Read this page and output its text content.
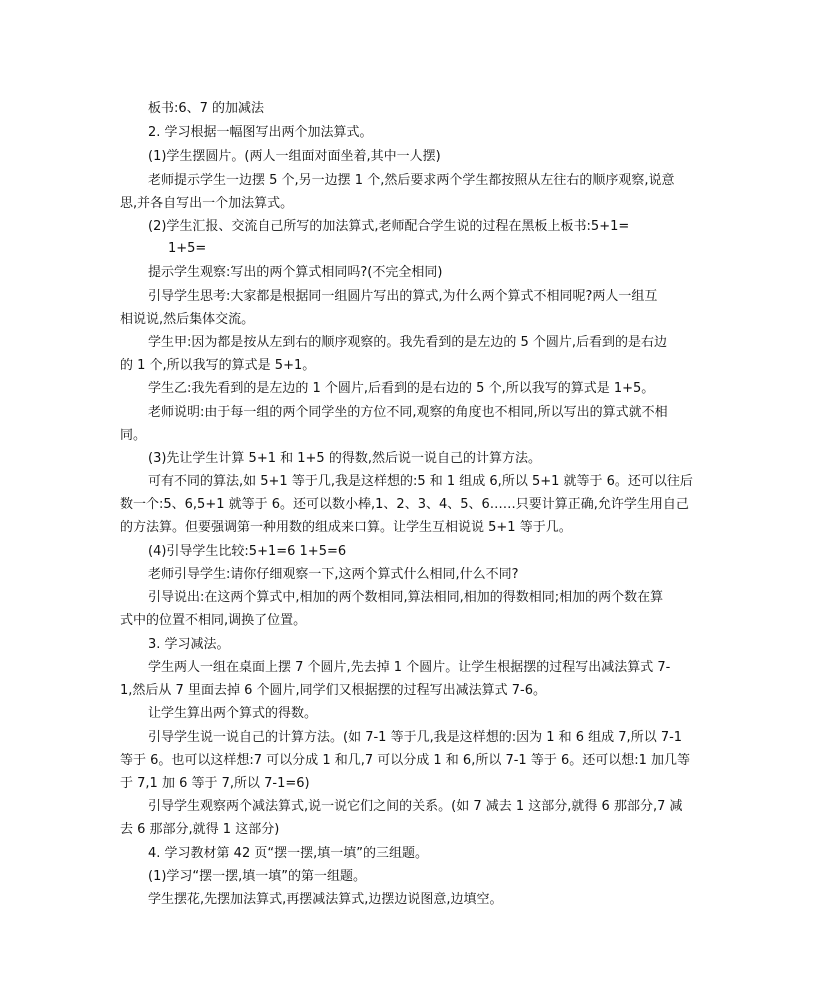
板书:6、7 的加减法
2. 学习根据一幅图写出两个加法算式。
(1)学生摆圆片。(两人一组面对面坐着,其中一人摆)
老师提示学生一边摆 5 个,另一边摆 1 个,然后要求两个学生都按照从左往右的顺序观察,说意
思,并各自写出一个加法算式。
(2)学生汇报、交流自己所写的加法算式,老师配合学生说的过程在黑板上板书:5+1=
1+5=
提示学生观察:写出的两个算式相同吗?(不完全相同)
引导学生思考:大家都是根据同一组圆片写出的算式,为什么两个算式不相同呢?两人一组互
相说说,然后集体交流。
学生甲:因为都是按从左到右的顺序观察的。我先看到的是左边的 5 个圆片,后看到的是右边
的 1 个,所以我写的算式是 5+1。
学生乙:我先看到的是左边的 1 个圆片,后看到的是右边的 5 个,所以我写的算式是 1+5。
老师说明:由于每一组的两个同学坐的方位不同,观察的角度也不相同,所以写出的算式就不相
同。
(3)先让学生计算 5+1 和 1+5 的得数,然后说一说自己的计算方法。
可有不同的算法,如 5+1 等于几,我是这样想的:5 和 1 组成 6,所以 5+1 就等于 6。还可以往后
数一个:5、6,5+1 就等于 6。还可以数小棒,1、2、3、4、5、6……只要计算正确,允许学生用自己
的方法算。但要强调第一种用数的组成来口算。让学生互相说说 5+1 等于几。
(4)引导学生比较:5+1=6 1+5=6
老师引导学生:请你仔细观察一下,这两个算式什么相同,什么不同?
引导说出:在这两个算式中,相加的两个数相同,算法相同,相加的得数相同;相加的两个数在算
式中的位置不相同,调换了位置。
3. 学习减法。
学生两人一组在桌面上摆 7 个圆片,先去掉 1 个圆片。让学生根据摆的过程写出减法算式 7-
1,然后从 7 里面去掉 6 个圆片,同学们又根据摆的过程写出减法算式 7-6。
让学生算出两个算式的得数。
引导学生说一说自己的计算方法。(如 7-1 等于几,我是这样想的:因为 1 和 6 组成 7,所以 7-1
等于 6。也可以这样想:7 可以分成 1 和几,7 可以分成 1 和 6,所以 7-1 等于 6。还可以想:1 加几等
于 7,1 加 6 等于 7,所以 7-1=6)
引导学生观察两个减法算式,说一说它们之间的关系。(如 7 减去 1 这部分,就得 6 那部分,7 减
去 6 那部分,就得 1 这部分)
4. 学习教材第 42 页“摆一摆,填一填”的三组题。
(1)学习“摆一摆,填一填”的第一组题。
学生摆花,先摆加法算式,再摆减法算式,边摆边说图意,边填空。
